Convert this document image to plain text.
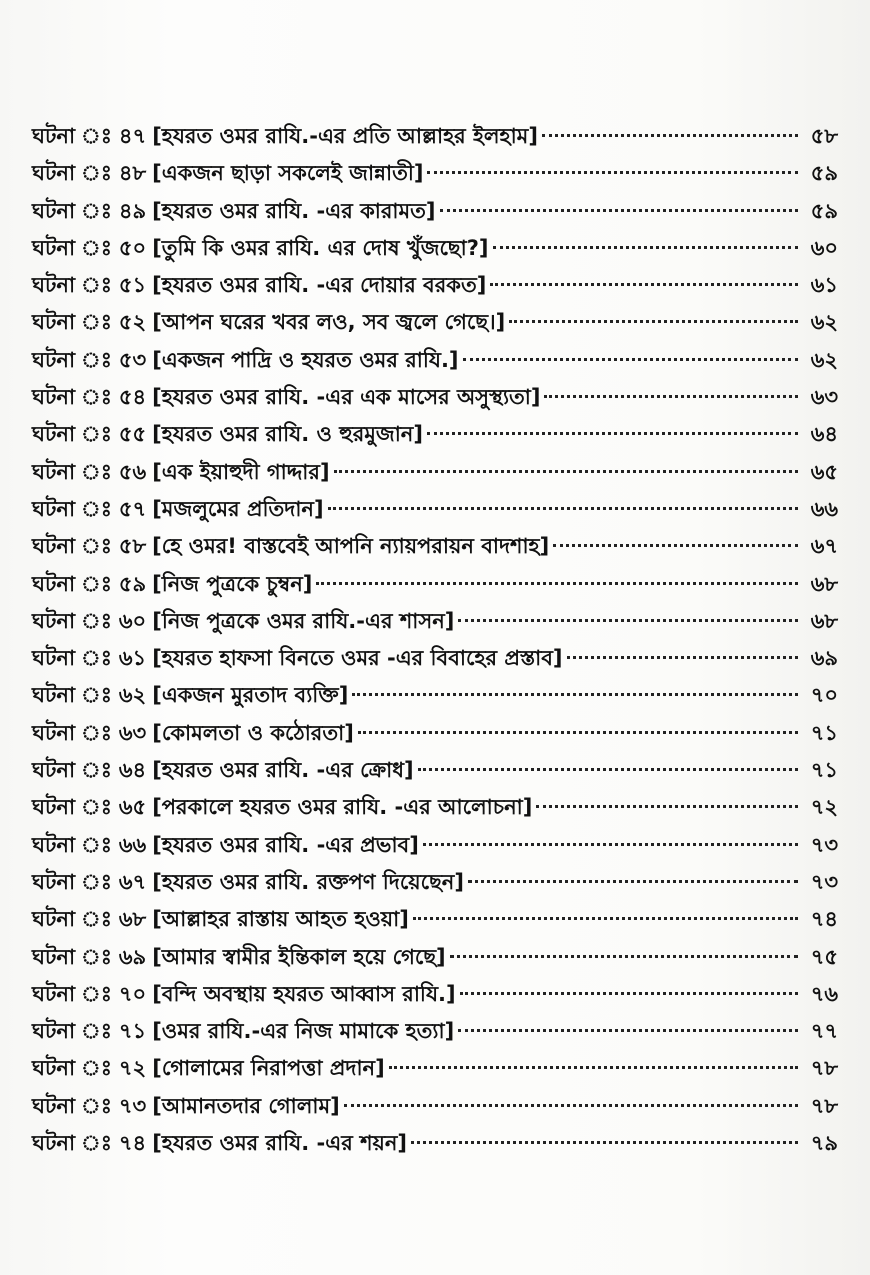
ঘটনা ঃ ৪৭ [হযরত ওমর রাযি.-এর প্রতি আল্লাহর ইলহাম]	৫৮
ঘটনা ঃ ৪৮ [একজন ছাড়া সকলেই জান্নাতী]	৫৯
ঘটনা ঃ ৪৯ [হযরত ওমর রাযি. -এর কারামত]	৫৯
ঘটনা ঃ ৫০ [তুমি কি ওমর রাযি. এর দোষ খুঁজছো?]	৬০
ঘটনা ঃ ৫১ [হযরত ওমর রাযি. -এর দোয়ার বরকত]	৬১
ঘটনা ঃ ৫২ [আপন ঘরের খবর লও, সব জ্বলে গেছে।]	৬২
ঘটনা ঃ ৫৩ [একজন পাদ্রি ও হযরত ওমর রাযি.]	৬২
ঘটনা ঃ ৫৪ [হযরত ওমর রাযি. -এর এক মাসের অসুস্থ্যতা]	৬৩
ঘটনা ঃ ৫৫ [হযরত ওমর রাযি. ও হুরমুজান]	৬৪
ঘটনা ঃ ৫৬ [এক ইয়াহুদী গাদ্দার]	৬৫
ঘটনা ঃ ৫৭ [মজলুমের প্রতিদান]	৬৬
ঘটনা ঃ ৫৮ [হে ওমর! বাস্তবেই আপনি ন্যায়পরায়ন বাদশাহ]	৬৭
ঘটনা ঃ ৫৯ [নিজ পুত্রকে চুম্বন]	৬৮
ঘটনা ঃ ৬০ [নিজ পুত্রকে ওমর রাযি.-এর শাসন]	৬৮
ঘটনা ঃ ৬১ [হযরত হাফসা বিনতে ওমর -এর বিবাহের প্রস্তাব]	৬৯
ঘটনা ঃ ৬২ [একজন মুরতাদ ব্যক্তি]	৭০
ঘটনা ঃ ৬৩ [কোমলতা ও কঠোরতা]	৭১
ঘটনা ঃ ৬৪ [হযরত ওমর রাযি. -এর ক্রোধ]	৭১
ঘটনা ঃ ৬৫ [পরকালে হযরত ওমর রাযি. -এর আলোচনা]	৭২
ঘটনা ঃ ৬৬ [হযরত ওমর রাযি. -এর প্রভাব]	৭৩
ঘটনা ঃ ৬৭ [হযরত ওমর রাযি. রক্তপণ দিয়েছেন]	৭৩
ঘটনা ঃ ৬৮ [আল্লাহর রাস্তায় আহত হওয়া]	৭৪
ঘটনা ঃ ৬৯ [আমার স্বামীর ইন্তিকাল হয়ে গেছে]	৭৫
ঘটনা ঃ ৭০ [বন্দি অবস্থায় হযরত আব্বাস রাযি.]	৭৬
ঘটনা ঃ ৭১ [ওমর রাযি.-এর নিজ মামাকে হত্যা]	৭৭
ঘটনা ঃ ৭২ [গোলামের নিরাপত্তা প্রদান]	৭৮
ঘটনা ঃ ৭৩ [আমানতদার গোলাম]	৭৮
ঘটনা ঃ ৭৪ [হযরত ওমর রাযি. -এর শয়ন]	৭৯
